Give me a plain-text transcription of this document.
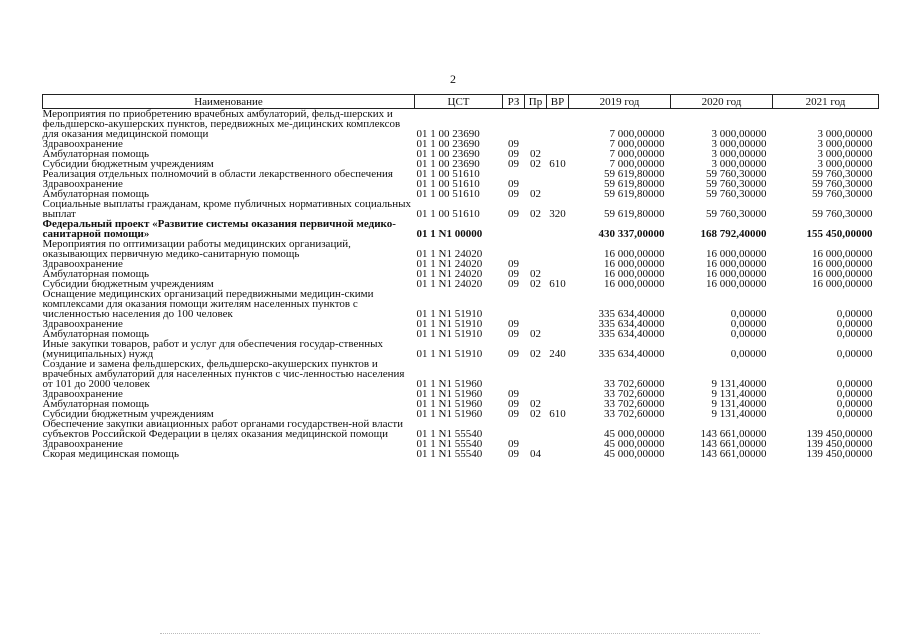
2
Наименование	ЦСТ	РЗ	Пр	ВР	2019 год	2020 год	2021 год
Мероприятия по приобретению врачебных амбулаторий, фельд-шерских и фельдшерско-акушерских пунктов, передвижных ме-дицинских комплексов для оказания медицинской помощи	01 1 00 23690				7 000,00000	3 000,00000	3 000,00000
Здравоохранение	01 1 00 23690	09			7 000,00000	3 000,00000	3 000,00000
Амбулаторная помощь	01 1 00 23690	09	02		7 000,00000	3 000,00000	3 000,00000
Субсидии бюджетным учреждениям	01 1 00 23690	09	02	610	7 000,00000	3 000,00000	3 000,00000
Реализация отдельных полномочий в области лекарственного обеспечения	01 1 00 51610				59 619,80000	59 760,30000	59 760,30000
Здравоохранение	01 1 00 51610	09			59 619,80000	59 760,30000	59 760,30000
Амбулаторная помощь	01 1 00 51610	09	02		59 619,80000	59 760,30000	59 760,30000
Социальные выплаты гражданам, кроме публичных нормативных социальных выплат	01 1 00 51610	09	02	320	59 619,80000	59 760,30000	59 760,30000
Федеральный проект «Развитие системы оказания первичной медико-санитарной помощи»	01 1 N1 00000				430 337,00000	168 792,40000	155 450,00000
Мероприятия по оптимизации работы медицинских организаций, оказывающих первичную медико-санитарную помощь	01 1 N1 24020				16 000,00000	16 000,00000	16 000,00000
Здравоохранение	01 1 N1 24020	09			16 000,00000	16 000,00000	16 000,00000
Амбулаторная помощь	01 1 N1 24020	09	02		16 000,00000	16 000,00000	16 000,00000
Субсидии бюджетным учреждениям	01 1 N1 24020	09	02	610	16 000,00000	16 000,00000	16 000,00000
Оснащение медицинских организаций передвижными медицин-скими комплексами для оказания помощи жителям населенных пунктов с численностью населения до 100 человек	01 1 N1 51910				335 634,40000	0,00000	0,00000
Здравоохранение	01 1 N1 51910	09			335 634,40000	0,00000	0,00000
Амбулаторная помощь	01 1 N1 51910	09	02		335 634,40000	0,00000	0,00000
Иные закупки товаров, работ и услуг для обеспечения государ-ственных (муниципальных) нужд	01 1 N1 51910	09	02	240	335 634,40000	0,00000	0,00000
Создание и замена фельдшерских, фельдшерско-акушерских пунктов и врачебных амбулаторий для населенных пунктов с чис-ленностью населения от 101 до 2000 человек	01 1 N1 51960				33 702,60000	9 131,40000	0,00000
Здравоохранение	01 1 N1 51960	09			33 702,60000	9 131,40000	0,00000
Амбулаторная помощь	01 1 N1 51960	09	02		33 702,60000	9 131,40000	0,00000
Субсидии бюджетным учреждениям	01 1 N1 51960	09	02	610	33 702,60000	9 131,40000	0,00000
Обеспечение закупки авиационных работ органами государствен-ной власти субъектов Российской Федерации в целях оказания медицинской помощи	01 1 N1 55540				45 000,00000	143 661,00000	139 450,00000
Здравоохранение	01 1 N1 55540	09			45 000,00000	143 661,00000	139 450,00000
Скорая медицинская помощь	01 1 N1 55540	09	04		45 000,00000	143 661,00000	139 450,00000
